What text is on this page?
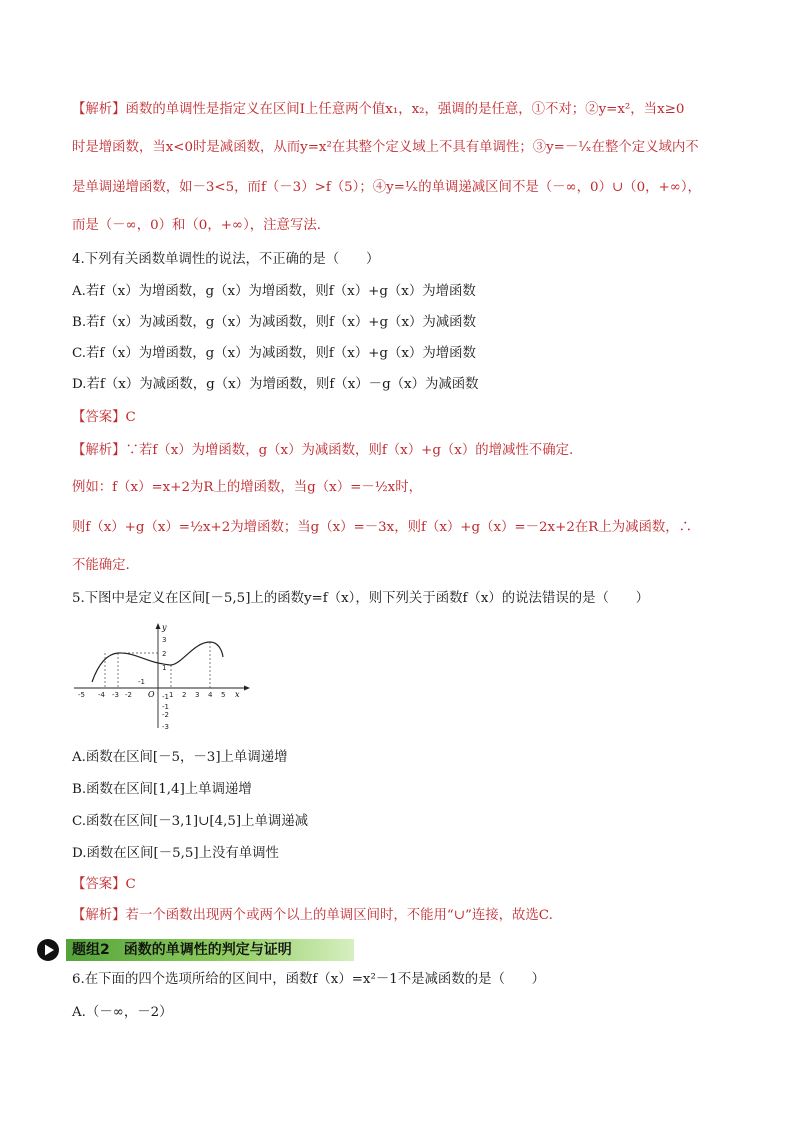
【解析】函数的单调性是指定义在区间I上任意两个值x₁，x₂，强调的是任意，①不对；②y=x²，当x≥0
时是增函数，当x<0时是减函数，从而y=x²在其整个定义域上不具有单调性；③y=－¹⁄ₓ在整个定义域内不
是单调递增函数，如－3<5，而f（－3）>f（5）；④y=¹⁄ₓ的单调递减区间不是（－∞，0）∪（0，+∞），
而是（－∞，0）和（0，+∞），注意写法.
4.下列有关函数单调性的说法，不正确的是（　　）
A.若f（x）为增函数，g（x）为增函数，则f（x）+g（x）为增函数
B.若f（x）为减函数，g（x）为减函数，则f（x）+g（x）为减函数
C.若f（x）为增函数，g（x）为减函数，则f（x）+g（x）为增函数
D.若f（x）为减函数，g（x）为增函数，则f（x）－g（x）为减函数
【答案】C
【解析】∵若f（x）为增函数，g（x）为减函数，则f（x）+g（x）的增减性不确定.
例如：f（x）=x+2为R上的增函数，当g（x）=－½x时，
则f（x）+g（x）=½x+2为增函数；当g（x）=－3x，则f（x）+g（x）=－2x+2在R上为减函数，∴
不能确定.
5.下图中是定义在区间[－5,5]上的函数y=f（x），则下列关于函数f（x）的说法错误的是（　　）
y
x
O
-5 -4 -3 -2
-1
1 2 3 4 5
3
2
1
-1
-1
-2
-3
A.函数在区间[－5，－3]上单调递增
B.函数在区间[1,4]上单调递增
C.函数在区间[－3,1]∪[4,5]上单调递减
D.函数在区间[－5,5]上没有单调性
【答案】C
【解析】若一个函数出现两个或两个以上的单调区间时，不能用“∪”连接，故选C.
题组2　函数的单调性的判定与证明
6.在下面的四个选项所给的区间中，函数f（x）=x²－1不是减函数的是（　　）
A.（－∞，－2）
